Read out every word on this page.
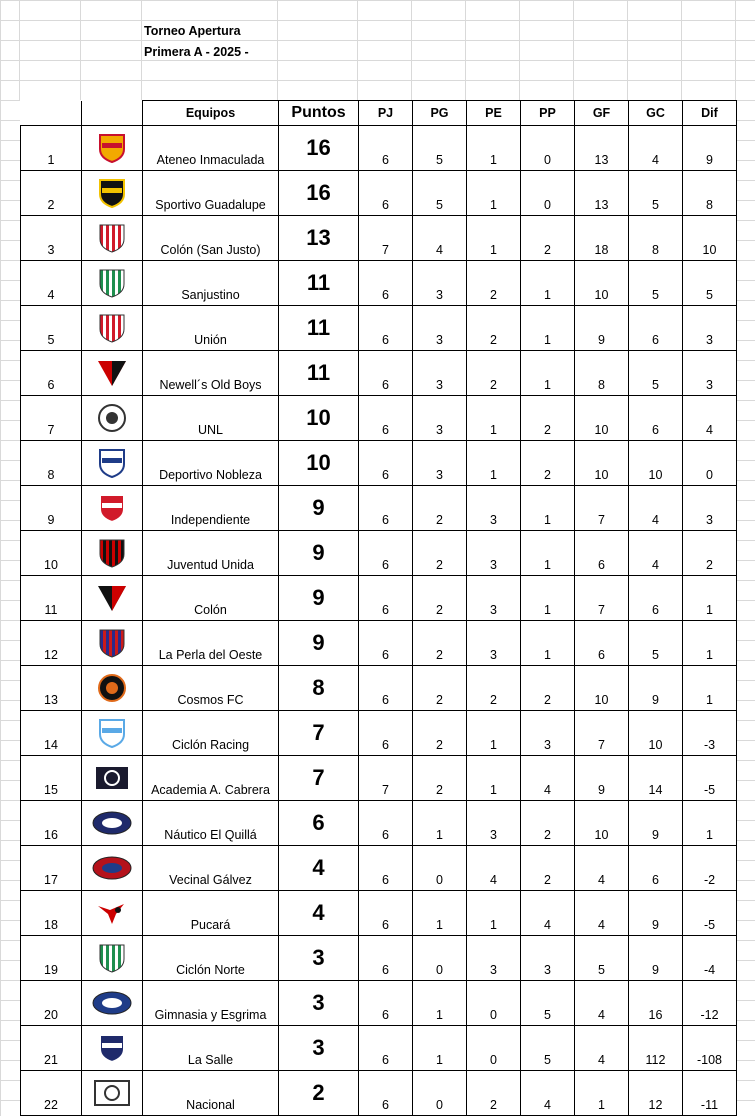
Torneo Apertura
Primera A - 2025 -
		Equipos	Puntos	PJ	PG	PE	PP	GF	GC	Dif
1		Ateneo Inmaculada	16	6	5	1	0	13	4	9
2		Sportivo Guadalupe	16	6	5	1	0	13	5	8
3		Colón (San Justo)	13	7	4	1	2	18	8	10
4		Sanjustino	11	6	3	2	1	10	5	5
5		Unión	11	6	3	2	1	9	6	3
6		Newell´s Old Boys	11	6	3	2	1	8	5	3
7		UNL	10	6	3	1	2	10	6	4
8		Deportivo Nobleza	10	6	3	1	2	10	10	0
9		Independiente	9	6	2	3	1	7	4	3
10		Juventud Unida	9	6	2	3	1	6	4	2
11		Colón	9	6	2	3	1	7	6	1
12		La Perla del Oeste	9	6	2	3	1	6	5	1
13		Cosmos FC	8	6	2	2	2	10	9	1
14		Ciclón Racing	7	6	2	1	3	7	10	-3
15		Academia A. Cabrera	7	7	2	1	4	9	14	-5
16		Náutico El Quillá	6	6	1	3	2	10	9	1
17		Vecinal Gálvez	4	6	0	4	2	4	6	-2
18		Pucará	4	6	1	1	4	4	9	-5
19		Ciclón Norte	3	6	0	3	3	5	9	-4
20		Gimnasia y Esgrima	3	6	1	0	5	4	16	-12
21		La Salle	3	6	1	0	5	4	112	-108
22		Nacional	2	6	0	2	4	1	12	-11
